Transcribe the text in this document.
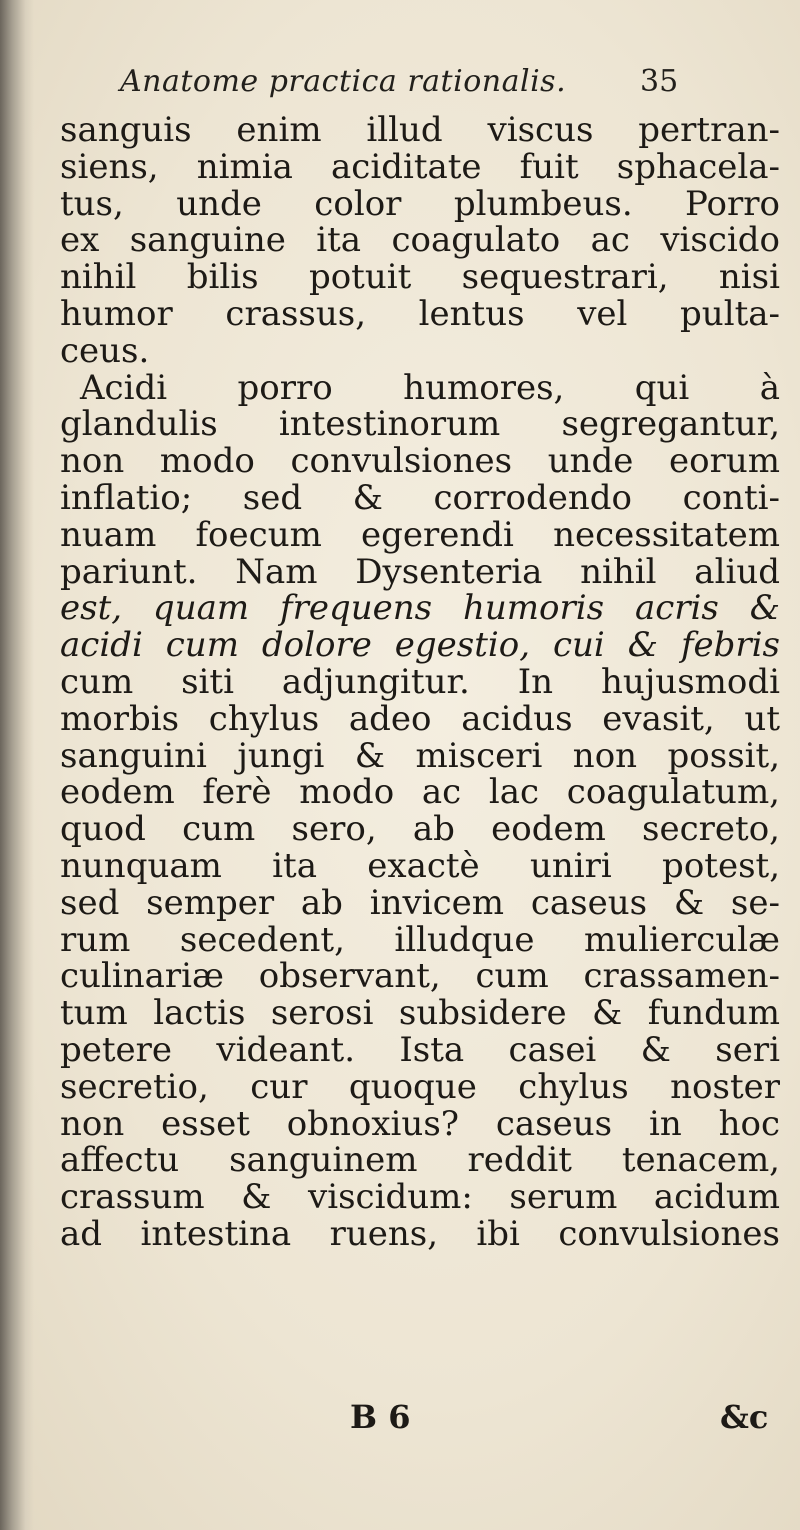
Anatome practica rationalis. 35
sanguis enim illud viscus pertran-
siens, nimia aciditate fuit sphacela-
tus, unde color plumbeus. Porro
ex sanguine ita coagulato ac viscido
nihil bilis potuit sequestrari, nisi
humor crassus, lentus vel pulta-
ceus.
Acidi porro humores, qui à
glandulis intestinorum segregantur,
non modo convulsiones unde eorum
inflatio; sed & corrodendo conti-
nuam foecum egerendi necessitatem
pariunt. Nam Dysenteria nihil aliud
est, quam frequens humoris acris &
acidi cum dolore egestio, cui & febris
cum siti adjungitur. In hujusmodi
morbis chylus adeo acidus evasit, ut
sanguini jungi & misceri non possit,
eodem ferè modo ac lac coagulatum,
quod cum sero, ab eodem secreto,
nunquam ita exactè uniri potest,
sed semper ab invicem caseus & se-
rum secedent, illudque mulierculæ
culinariæ observant, cum crassamen-
tum lactis serosi subsidere & fundum
petere videant. Ista casei & seri
secretio, cur quoque chylus noster
non esset obnoxius? caseus in hoc
affectu sanguinem reddit tenacem,
crassum & viscidum: serum acidum
ad intestina ruens, ibi convulsiones
B 6	&c
